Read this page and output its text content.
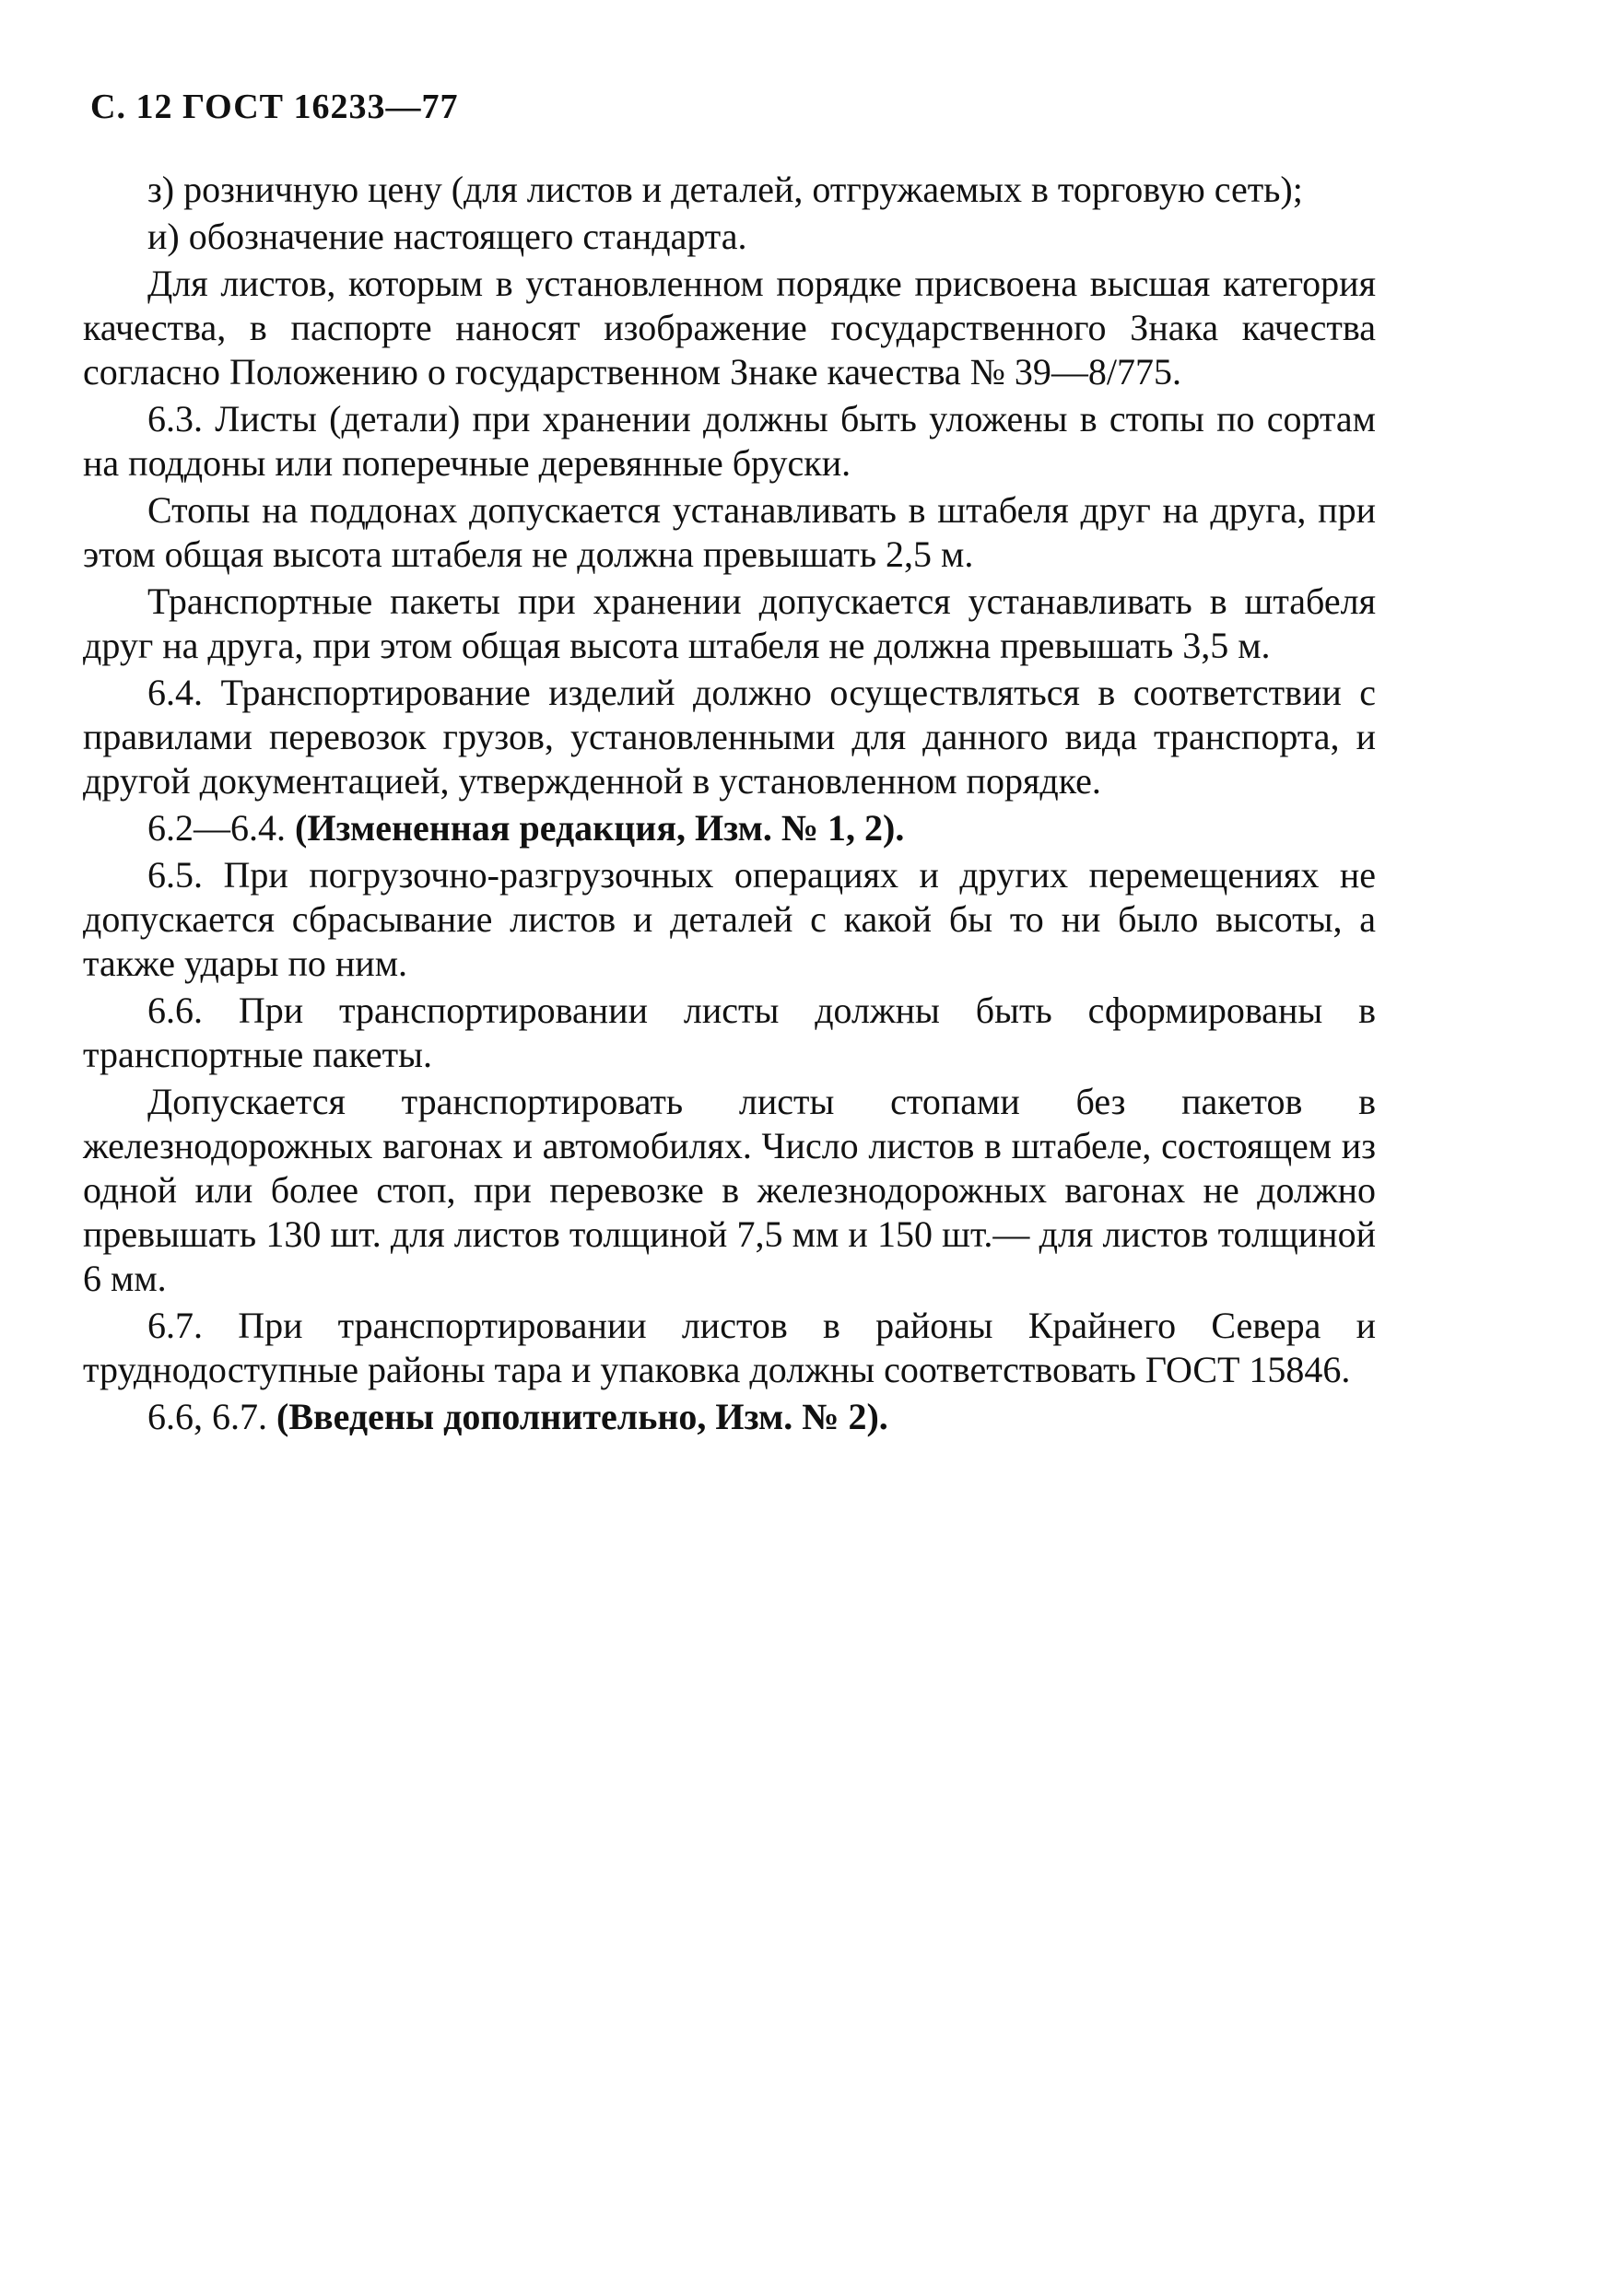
С. 12 ГОСТ 16233—77

з) розничную цену (для листов и деталей, отгружаемых в торговую сеть);

и) обозначение настоящего стандарта.

Для листов, которым в установленном порядке присвоена высшая категория качества, в паспорте наносят изображение государственного Знака качества согласно Положению о государственном Знаке качества № 39—8/775.

6.3. Листы (детали) при хранении должны быть уложены в стопы по сортам на поддоны или поперечные деревянные бруски.

Стопы на поддонах допускается устанавливать в штабеля друг на друга, при этом общая высота штабеля не должна превышать 2,5 м.

Транспортные пакеты при хранении допускается устанавливать в штабеля друг на друга, при этом общая высота штабеля не должна превышать 3,5 м.

6.4. Транспортирование изделий должно осуществляться в соответствии с правилами перевозок грузов, установленными для данного вида транспорта, и другой документацией, утвержденной в установленном порядке.

6.2—6.4. (Измененная редакция, Изм. № 1, 2).

6.5. При погрузочно-разгрузочных операциях и других перемещениях не допускается сбрасывание листов и деталей с какой бы то ни было высоты, а также удары по ним.

6.6. При транспортировании листы должны быть сформированы в транспортные пакеты.

Допускается транспортировать листы стопами без пакетов в железнодорожных вагонах и автомобилях. Число листов в штабеле, состоящем из одной или более стоп, при перевозке в железнодорожных вагонах не должно превышать 130 шт. для листов толщиной 7,5 мм и 150 шт.— для листов толщиной 6 мм.

6.7. При транспортировании листов в районы Крайнего Севера и труднодоступные районы тара и упаковка должны соответствовать ГОСТ 15846.

6.6, 6.7. (Введены дополнительно, Изм. № 2).
